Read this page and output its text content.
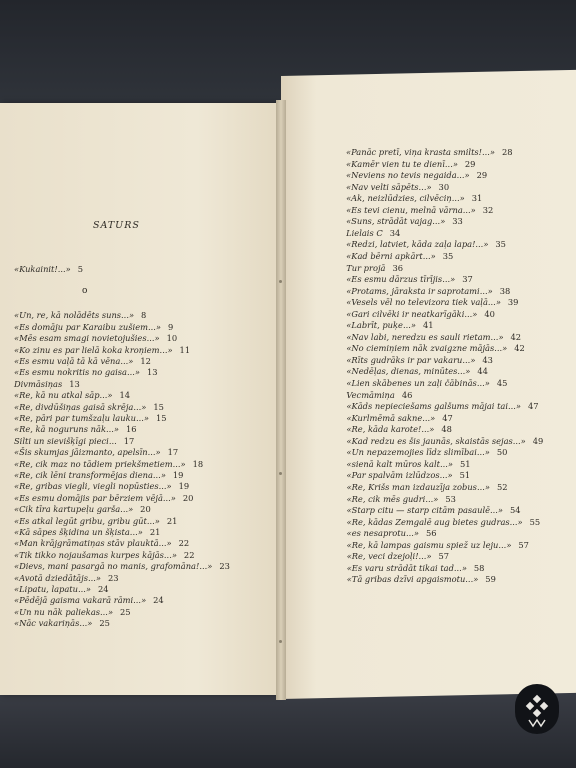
SATURS
o
«Kukainit!...» 5
«Un, re, kā nolādēts suns...» 8
«Es domāju par Karaibu zušiem...» 9
«Mēs esam smagi novietojušies...» 10
«Ko zinu es par lielā koka kroņiem...» 11
«Es esmu vaļā tā kā vēna...» 12
«Es esmu nokritis no gaisa...» 13
Divmāsiņas 13
«Re, kā nu atkal sāp...» 14
«Re, divdūšiņas gaisā skrēja...» 15
«Re, pāri par tumšzaļu lauku...» 15
«Re, kā noguruns nāk...» 16
Silti un sievišķīgi pieci... 17
«Šis skumjas jāizmanto, apelsīn...» 17
«Re, cik maz no tādiem priekšmetiem...» 18
«Re, cik lēni transformējas diena...» 19
«Re, gribas viegli, viegli nopūsties...» 19
«Es esmu domājis par bērziem vējā...» 20
«Cik tīra kartupeļu garša...» 20
«Es atkal legūt gribu, gribu gūt...» 21
«Kā sāpes šķidina un šķista...» 21
«Man krājgrāmatiņas stāv plauktā...» 22
«Tik tikko nojaušamas kurpes kājās...» 22
«Dievs, mani pasargā no manis, grafomāna!...» 23
«Avotā dziedātājs...» 23
«Lipatu, lapatu...» 24
«Pēdējā gaisma vakarā rāmi...» 24
«Un nu nāk paliekas...» 25
«Nāc vakariņās...» 25
«Panāc pretī, viņa krasta smilts!...» 28
«Kamēr vien tu te dienī...» 29
«Neviens no tevis negaida...» 29
«Nav velti sāpēts...» 30
«Ak, neizlūdzies, cilvēciņ...» 31
«Es tevi cienu, melnā vārna...» 32
«Suns, strādāt vajag...» 33
Lielais C 34
«Redzi, latviet, kāda zaļa lapa!...» 35
«Kad bērni apkārt...» 35
Tur projā 36
«Es esmu dārzus tīrījis...» 37
«Protams, jāraksta ir saprotami...» 38
«Vesels vēl no televizora tiek vaļā...» 39
«Gari cilvēki ir neatkarīgāki...» 40
«Labrīt, puķe...» 41
«Nav labi, neredzu es sauli rietam...» 42
«No ciemiņiem nāk zvaigzne mājās...» 42
«Rīts gudrāks ir par vakaru...» 43
«Nedēļas, dienas, minūtes...» 44
«Lien skābenes un zaļi čābinās...» 45
Vecmāmiņa 46
«Kāds nepieciešams galšums mājai tai...» 47
«Kurlmēmā sakne...» 47
«Re, kāda karote!...» 48
«Kad redzu es šis jaunās, skaistās sejas...» 49
«Un nepazemojies līdz slimībai...» 50
«sienā kalt mūros kalt...» 51
«Par spalvām izlūdzos...» 51
«Re, Krišs man izdauzīja zobus...» 52
«Re, cik mēs gudri...» 53
«Starp citu — starp citām pasaulē...» 54
«Re, kādas Zemgalē aug bietes gudras...» 55
«es nesaprotu...» 56
«Re, kā lampas gaismu spiež uz leju...» 57
«Re, veci dzejoļi!...» 57
«Es varu strādāt tikai tad...» 58
«Tā gribas dzīvi apgaismotu...» 59
